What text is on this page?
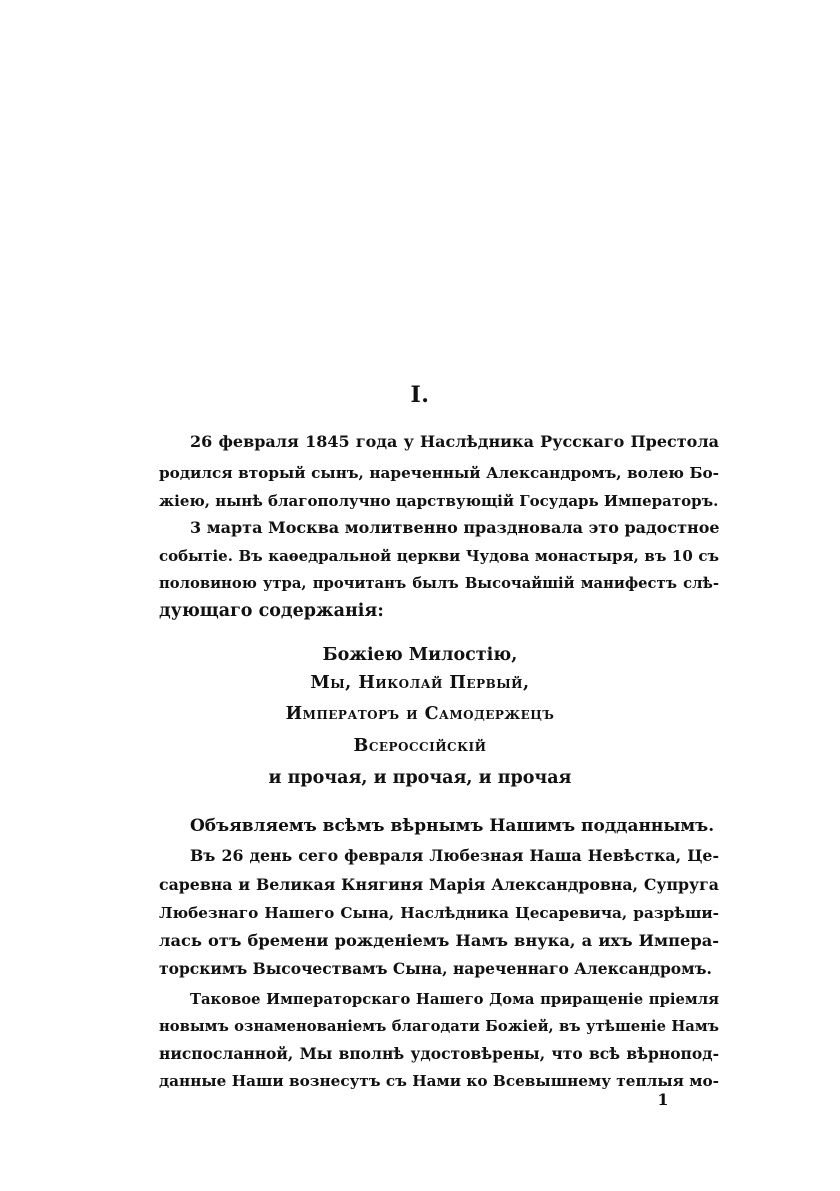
I.
26 февраля 1845 года у Наслѣдника Русскаго Престола
родился вторый сынъ, нареченный Александромъ, волею Бо-
жіею, нынѣ благополучно царствующій Государь Императоръ.
3 марта Москва молитвенно праздновала это радостное
событіе. Въ каѳедральной церкви Чудова монастыря, въ 10 съ
половиною утра, прочитанъ былъ Высочайшій манифестъ слѣ-
дующаго содержанія:
Божіею Милостію,
Мы, Николай Первый,
Императоръ и Самодержецъ
Всероссійскій
и прочая, и прочая, и прочая
Объявляемъ всѣмъ вѣрнымъ Нашимъ подданнымъ.
Въ 26 день сего февраля Любезная Наша Невѣстка, Це-
саревна и Великая Княгиня Марія Александровна, Супруга
Любезнаго Нашего Сына, Наслѣдника Цесаревича, разрѣши-
лась отъ бремени рожденіемъ Намъ внука, а ихъ Импера-
торскимъ Высочествамъ Сына, нареченнаго Александромъ.
Таковое Императорскаго Нашего Дома приращеніе пріемля
новымъ ознаменованіемъ благодати Божіей, въ утѣшеніе Намъ
ниспосланной, Мы вполнѣ удостовѣрены, что всѣ вѣрнопод-
данные Наши вознесутъ съ Нами ко Всевышнему теплыя мо-
1
